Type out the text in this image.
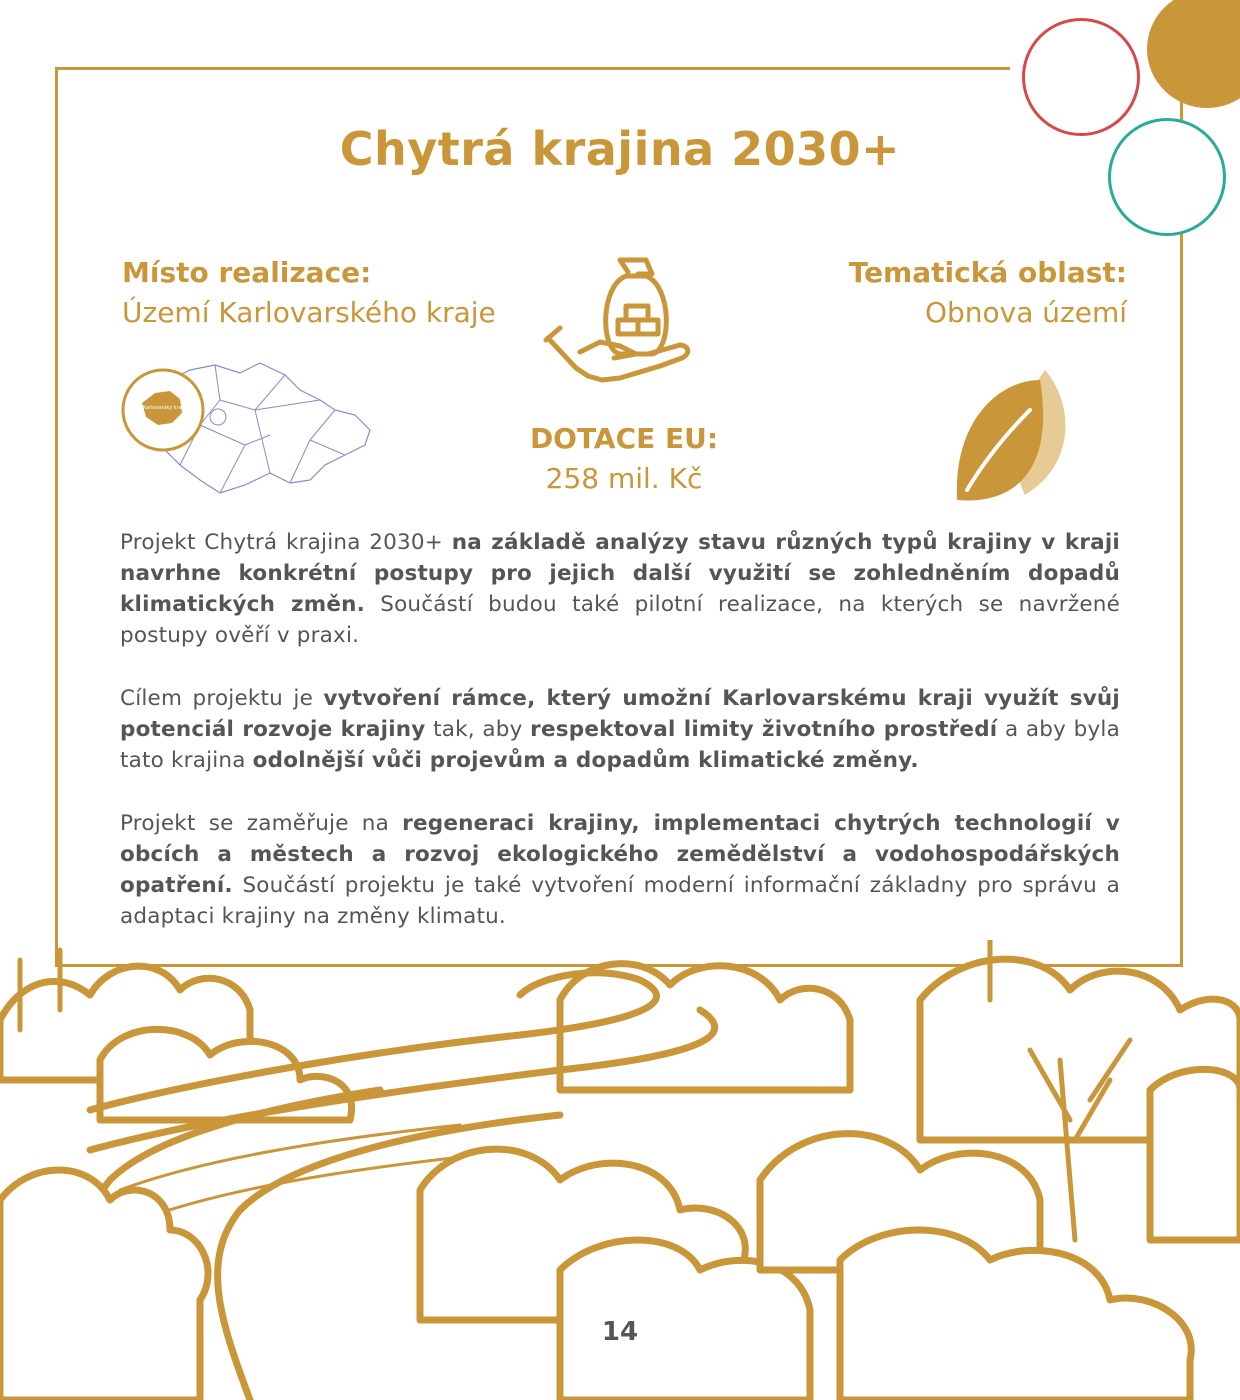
Chytrá krajina 2030+
Místo realizace:
Území Karlovarského kraje
Tematická oblast:
Obnova území
Karlovarský kraj
DOTACE EU:
258 mil. Kč
Projekt Chytrá krajina 2030+ na základě analýzy stavu různých typů krajiny v kraji navrhne konkrétní postupy pro jejich další využití se zohledněním dopadů klimatických změn. Součástí budou také pilotní realizace, na kterých se navržené postupy ověří v praxi.
Cílem projektu je vytvoření rámce, který umožní Karlovarskému kraji využít svůj potenciál rozvoje krajiny tak, aby respektoval limity životního prostředí a aby byla tato krajina odolnější vůči projevům a dopadům klimatické změny.
Projekt se zaměřuje na regeneraci krajiny, implementaci chytrých technologií v obcích a městech a rozvoj ekologického zemědělství a vodohospodářských opatření. Součástí projektu je také vytvoření moderní informační základny pro správu a adaptaci krajiny na změny klimatu.
14
